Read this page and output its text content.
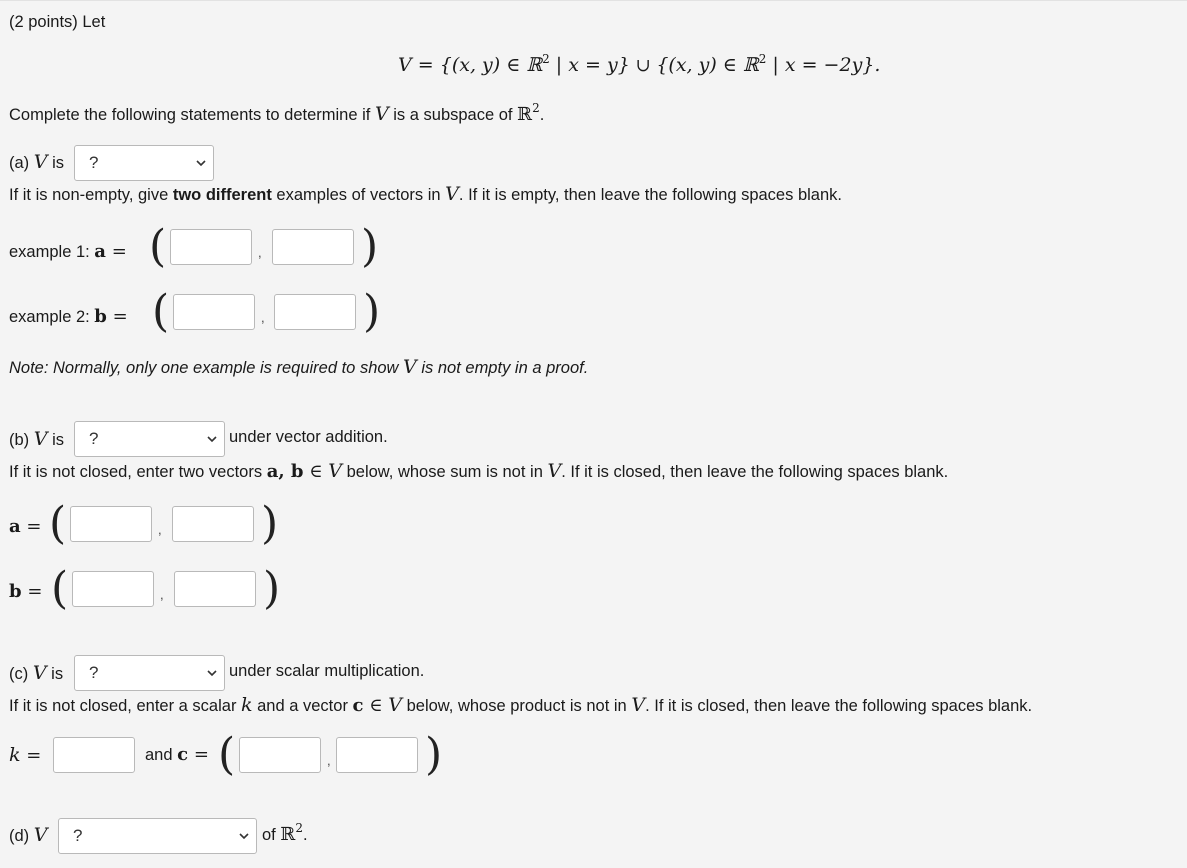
(2 points) Let
V = {(x, y) ∈ ℝ$^2$ | x = y} ∪ {(x, y) ∈ ℝ$^2$ | x = −2y}.
Complete the following statements to determine if V is a subspace of ℝ$^2$.
(a) V is	?
If it is non-empty, give two different examples of vectors in V. If it is empty, then leave the following spaces blank.
example 1: a = (	, )
example 2: b = (	, )
Note: Normally, only one example is required to show V is not empty in a proof.
(b) V is	?	under vector addition.
If it is not closed, enter two vectors a, b ∈ V below, whose sum is not in V. If it is closed, then leave the following spaces blank.
a = (	, )
b = (	, )
(c) V is	?	under scalar multiplication.
If it is not closed, enter a scalar k and a vector c ∈ V below, whose product is not in V. If it is closed, then leave the following spaces blank.
k =	and c = (	, )
(d) V	?	of ℝ$^2$.
